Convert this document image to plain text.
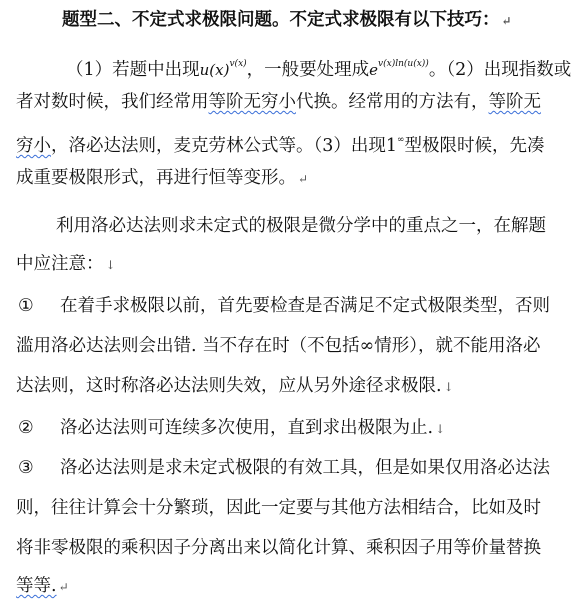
题型二、不定式求极限问题。不定式求极限有以下技巧： ↵
（1）若题中出现$u(x)^{v(x)}$，一般要处理成$e^{v(x)ln(u(x))}$。（2）出现指数或
者对数时候，我们经常用等阶无穷小代换。经常用的方法有，等阶无
穷小，洛必达法则，麦克劳林公式等。（3）出现1∞型极限时候，先凑
成重要极限形式，再进行恒等变形。 ↵
利用洛必达法则求未定式的极限是微分学中的重点之一，在解题
中应注意： ↓
① 在着手求极限以前，首先要检查是否满足不定式极限类型，否则
滥用洛必达法则会出错. 当不存在时（不包括∞情形），就不能用洛必
达法则，这时称洛必达法则失效，应从另外途径求极限. ↓
② 洛必达法则可连续多次使用，直到求出极限为止. ↓
③ 洛必达法则是求未定式极限的有效工具，但是如果仅用洛必达法
则，往往计算会十分繁琐，因此一定要与其他方法相结合，比如及时
将非零极限的乘积因子分离出来以简化计算、乘积因子用等价量替换
等等. ↵
